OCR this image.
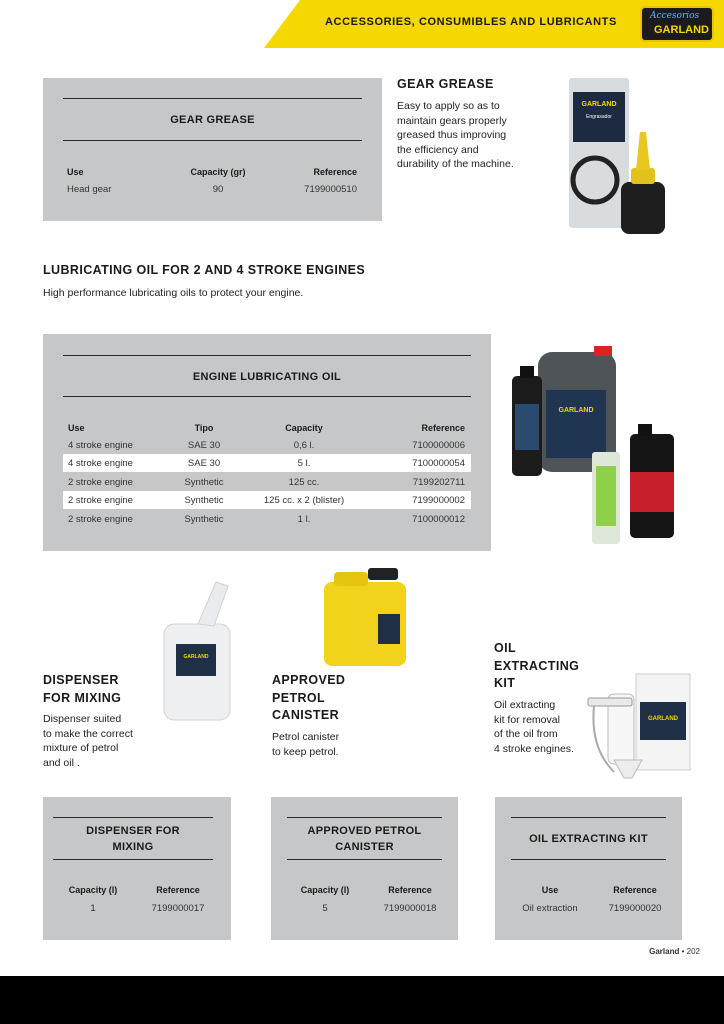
ACCESSORIES, CONSUMIBLES AND LUBRICANTS	Accesorios
GARLAND
GEAR GREASE
Use	Capacity (gr)	Reference
Head gear	90	7199000510
GEAR GREASE
Easy to apply so as to
maintain gears properly
greased thus improving
the efficiency and
durability of the machine.
GARLAND
Engrasador
LUBRICATING OIL FOR 2 AND 4 STROKE ENGINES
High performance lubricating oils to protect your engine.
ENGINE LUBRICATING OIL
Use	Tipo	Capacity	Reference
4 stroke engine	SAE 30	0,6 l.	7100000006
4 stroke engine	SAE 30	5 l.	7100000054
2 stroke engine	Synthetic	125 cc.	7199202711
2 stroke engine	Synthetic	125 cc. x 2 (blister)	7199000002
2 stroke engine	Synthetic	1 l.	7100000012
GARLAND
GARLAND
DISPENSER
FOR MIXING
Dispenser suited
to make the correct
mixture of petrol
and oil .
APPROVED
PETROL
CANISTER
Petrol canister
to keep petrol.
OIL
EXTRACTING
KIT
Oil extracting
kit for removal
of the oil from
4 stroke engines.
GARLAND
DISPENSER FOR
MIXING
Capacity (l)	Reference
1	7199000017
APPROVED PETROL
CANISTER
Capacity (l)	Reference
5	7199000018
OIL EXTRACTING KIT
Use	Reference
Oil extraction	7199000020
Garland • 202
